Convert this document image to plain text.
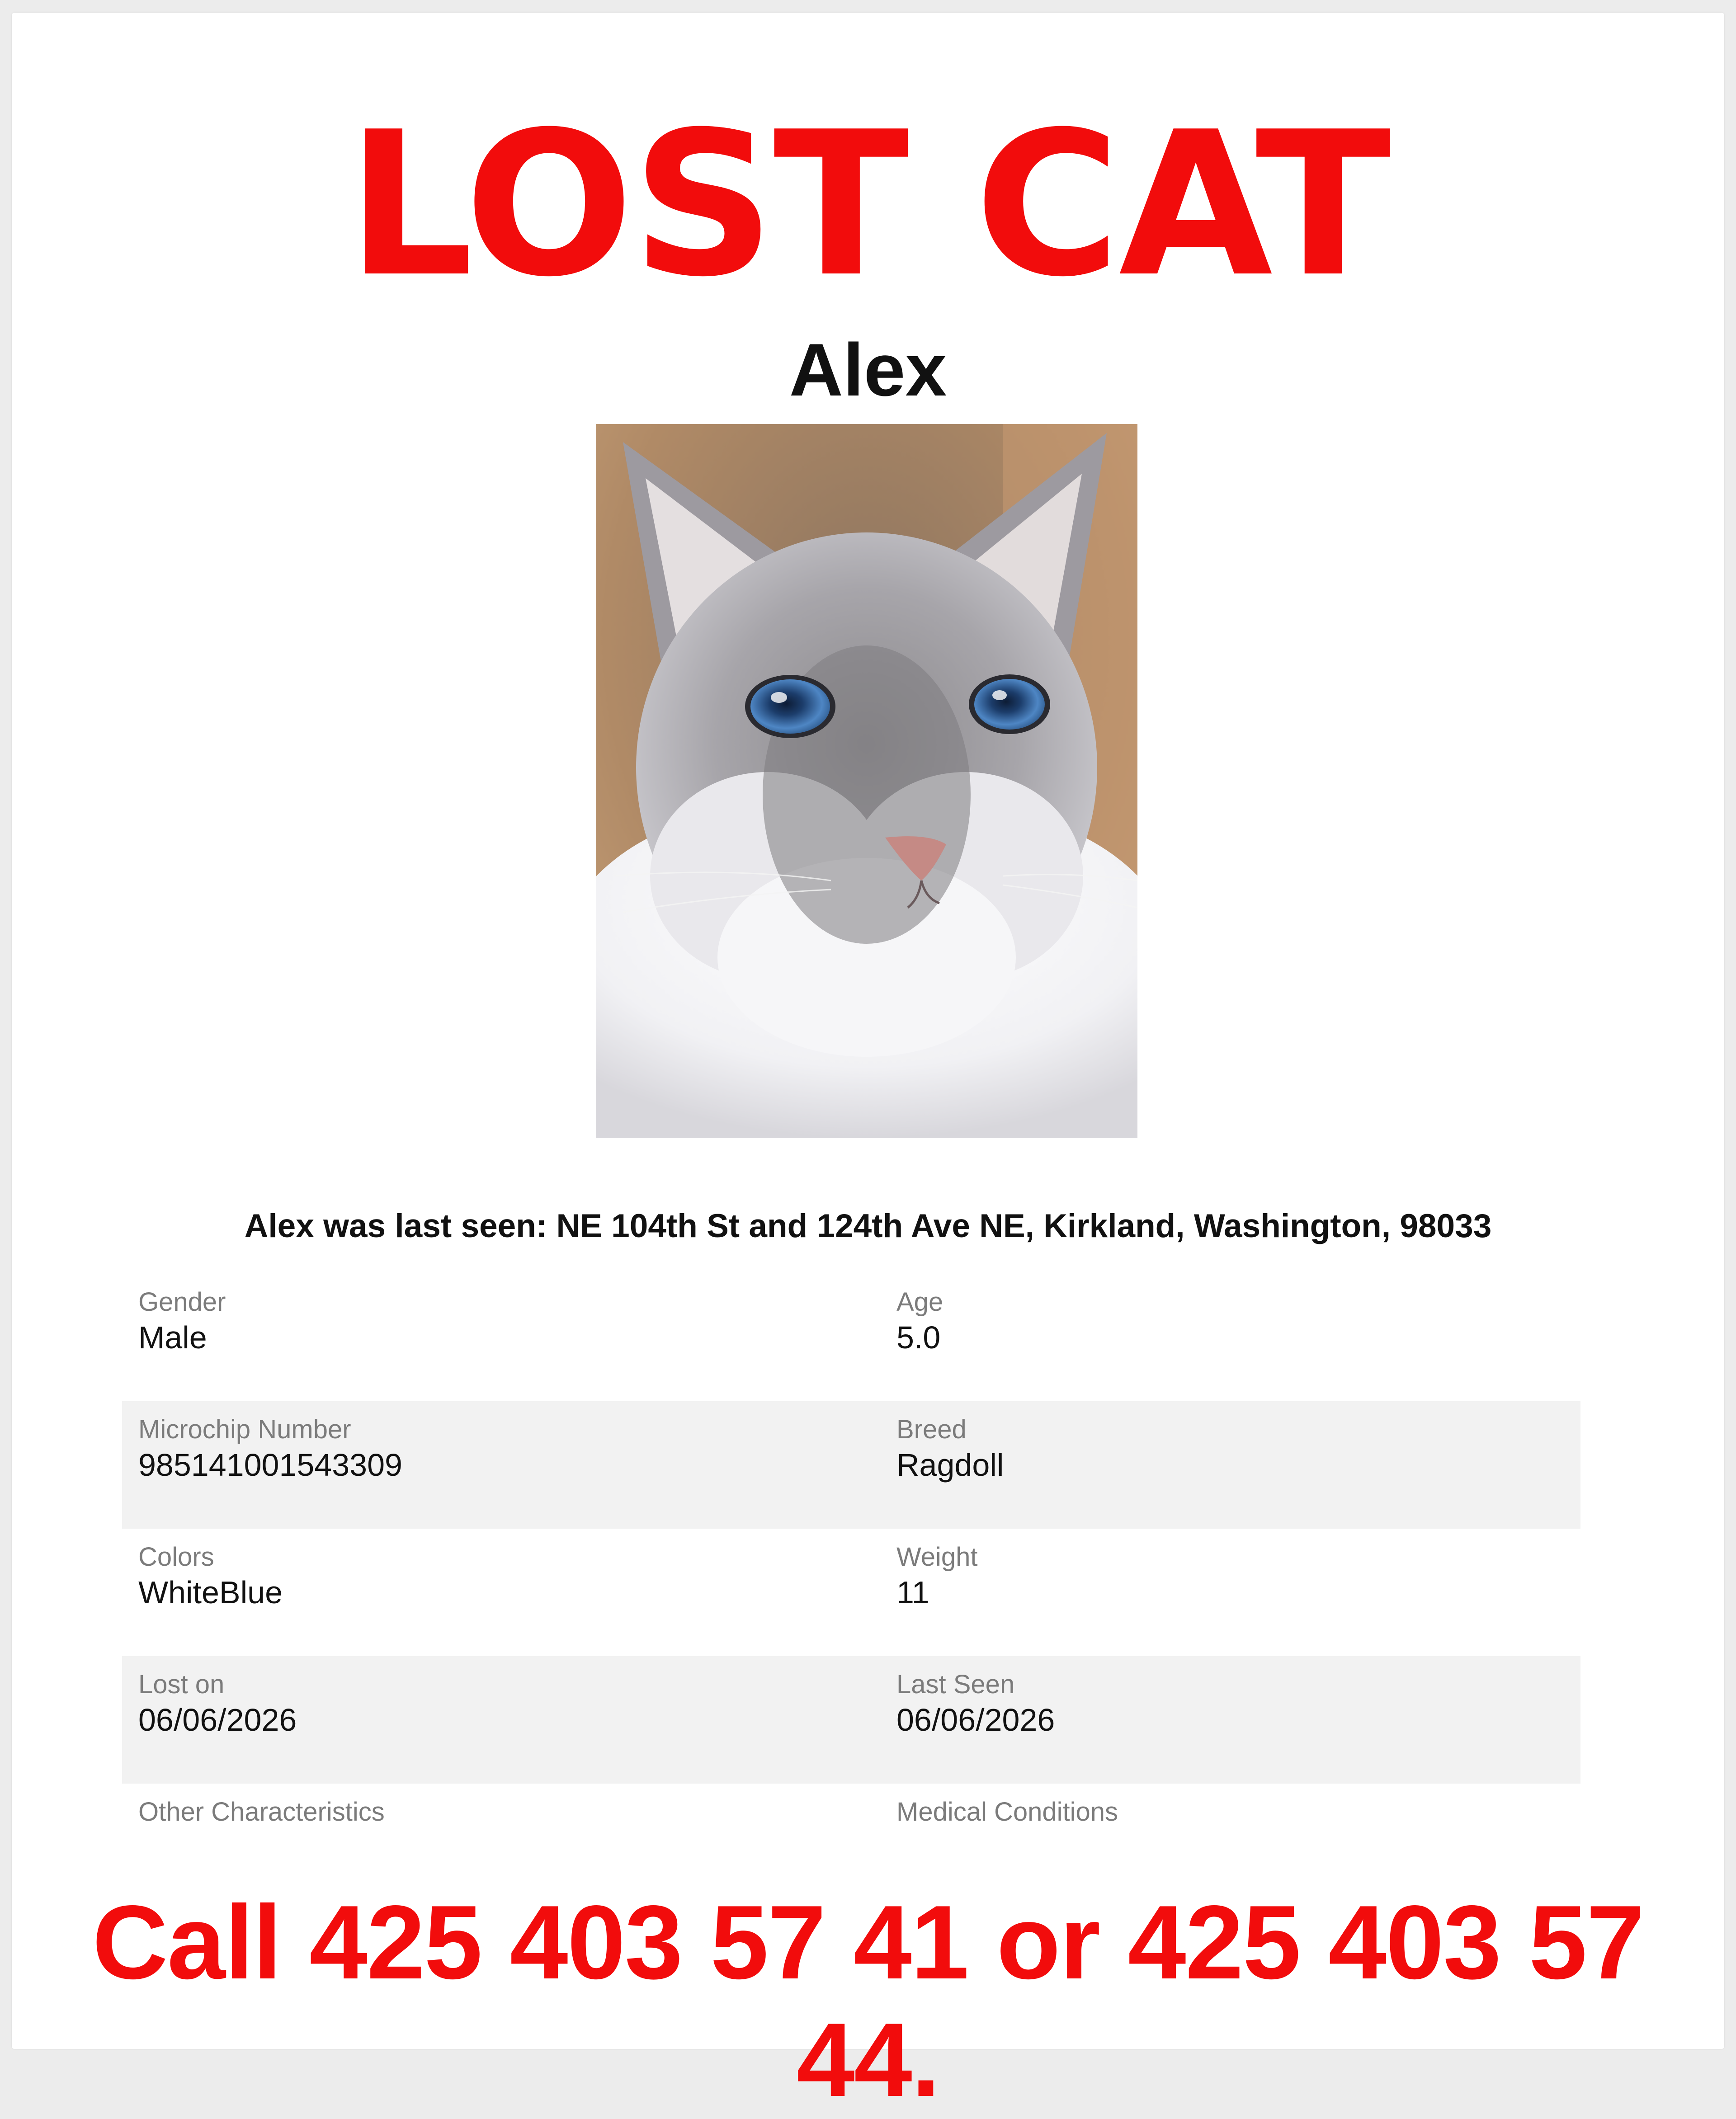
LOST CAT
Alex
Alex was last seen: NE 104th St and 124th Ave NE, Kirkland, Washington, 98033
Gender
Male
Age
5.0
Microchip Number
985141001543309
Breed
Ragdoll
Colors
WhiteBlue
Weight
11
Lost on
06/06/2026
Last Seen
06/06/2026
Other Characteristics	Medical Conditions
Call 425 403 57 41 or 425 403 57 44.
